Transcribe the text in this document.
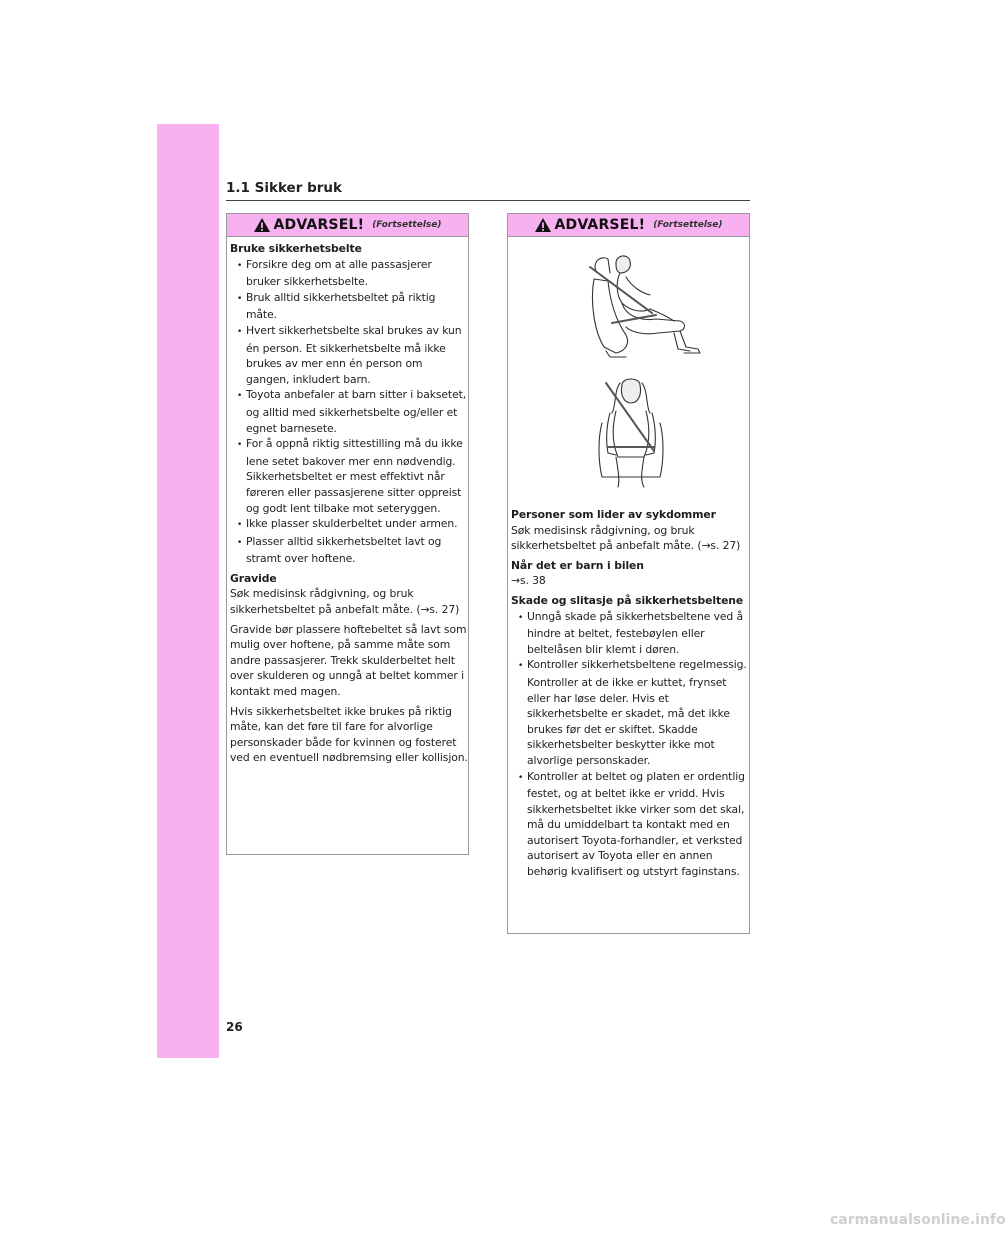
1.1 Sikker bruk
ADVARSEL! (Fortsettelse)

Bruke sikkerhetsbelte

• Forsikre deg om at alle passasjerer bruker sikkerhetsbelte.
• Bruk alltid sikkerhetsbeltet på riktig måte.
• Hvert sikkerhetsbelte skal brukes av kun én person. Et sikkerhetsbelte må ikke brukes av mer enn én person om gangen, inkludert barn.
• Toyota anbefaler at barn sitter i baksetet, og alltid med sikkerhetsbelte og/eller et egnet barnesete.
• For å oppnå riktig sittestilling må du ikke lene setet bakover mer enn nødvendig. Sikkerhetsbeltet er mest effektivt når føreren eller passasjerene sitter oppreist og godt lent tilbake mot seteryggen.
• Ikke plasser skulderbeltet under armen.
• Plasser alltid sikkerhetsbeltet lavt og stramt over hoftene.

Gravide

Søk medisinsk rådgivning, og bruk sikkerhetsbeltet på anbefalt måte. (→s. 27)

Gravide bør plassere hoftebeltet så lavt som mulig over hoftene, på samme måte som andre passasjerer. Trekk skulderbeltet helt over skulderen og unngå at beltet kommer i kontakt med magen.

Hvis sikkerhetsbeltet ikke brukes på riktig måte, kan det føre til fare for alvorlige personskader både for kvinnen og fosteret ved en eventuell nødbremsing eller kollisjon.

ADVARSEL! (Fortsettelse)

Personer som lider av sykdommer

Søk medisinsk rådgivning, og bruk sikkerhetsbeltet på anbefalt måte. (→s. 27)

Når det er barn i bilen

→s. 38

Skade og slitasje på sikkerhetsbeltene

• Unngå skade på sikkerhetsbeltene ved å hindre at beltet, festebøylen eller beltelåsen blir klemt i døren.
• Kontroller sikkerhetsbeltene regelmessig. Kontroller at de ikke er kuttet, frynset eller har løse deler. Hvis et sikkerhetsbelte er skadet, må det ikke brukes før det er skiftet. Skadde sikkerhetsbelter beskytter ikke mot alvorlige personskader.
• Kontroller at beltet og platen er ordentlig festet, og at beltet ikke er vridd. Hvis sikkerhetsbeltet ikke virker som det skal, må du umiddelbart ta kontakt med en autorisert Toyota-forhandler, et verksted autorisert av Toyota eller en annen behørig kvalifisert og utstyrt faginstans.
26
carmanualsonline.info
